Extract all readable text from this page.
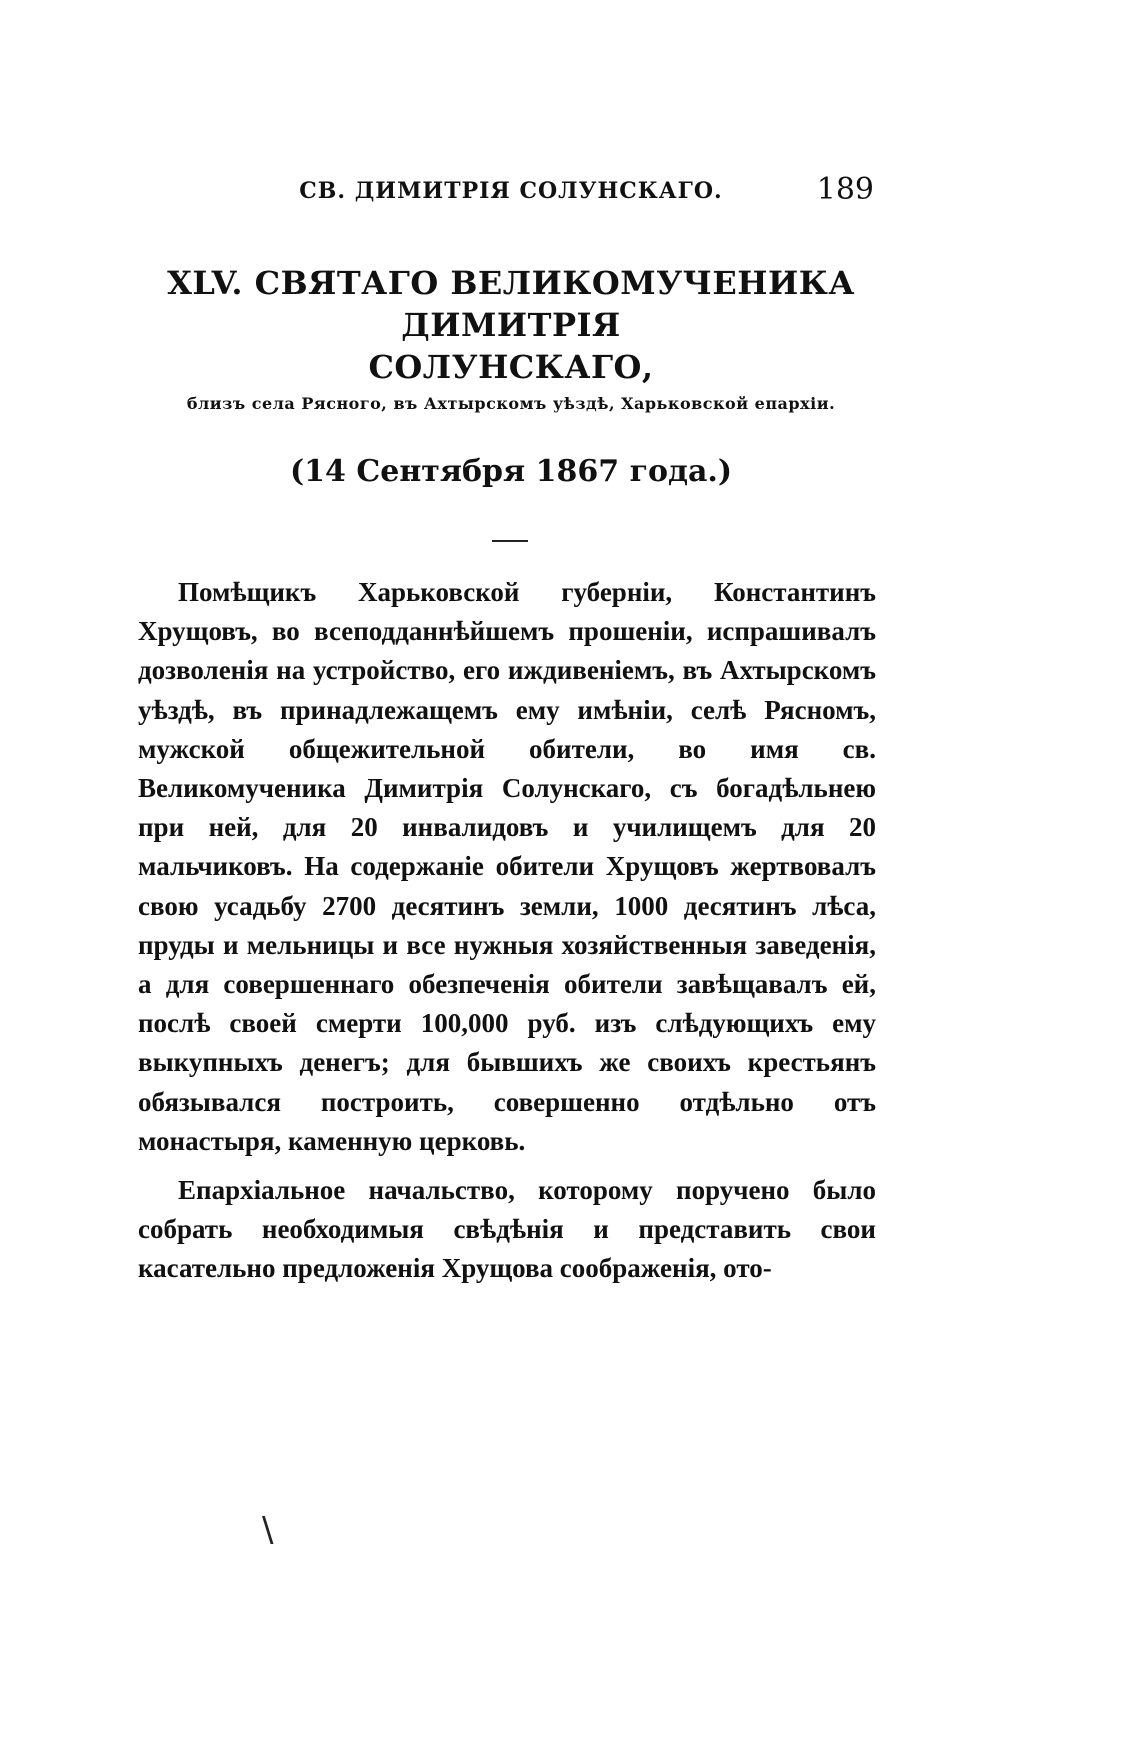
СВ. ДИМИТРІЯ СОЛУНСКАГО.	189
XLV. СВЯТАГО ВЕЛИКОМУЧЕНИКА ДИМИТРІЯ
СОЛУНСКАГО,
близъ села Рясного, въ Ахтырскомъ уѣздѣ, Харьковской епархіи.
(14 Сентября 1867 года.)

Помѣщикъ Харьковской губерніи, Константинъ Хрущовъ, во всеподданнѣйшемъ прошеніи, испрашивалъ дозволенія на устройство, его иждивеніемъ, въ Ахтырскомъ уѣздѣ, въ принадлежащемъ ему имѣніи, селѣ Рясномъ, мужской общежительной обители, во имя св. Великомученика Димитрія Солунскаго, съ богадѣльнею при ней, для 20 инвалидовъ и училищемъ для 20 мальчиковъ. На содержаніе обители Хрущовъ жертвовалъ свою усадьбу 2700 десятинъ земли, 1000 десятинъ лѣса, пруды и мельницы и все нужныя хозяйственныя заведенія, а для совершеннаго обезпеченія обители завѣщавалъ ей, послѣ своей смерти 100,000 руб. изъ слѣдующихъ ему выкупныхъ денегъ; для бывшихъ же своихъ крестьянъ обязывался построить, совершенно отдѣльно отъ монастыря, каменную церковь.

Епархіальное начальство, которому поручено было собрать необходимыя свѣдѣнія и представить свои касательно предложенія Хрущова соображенія, ото-

\
